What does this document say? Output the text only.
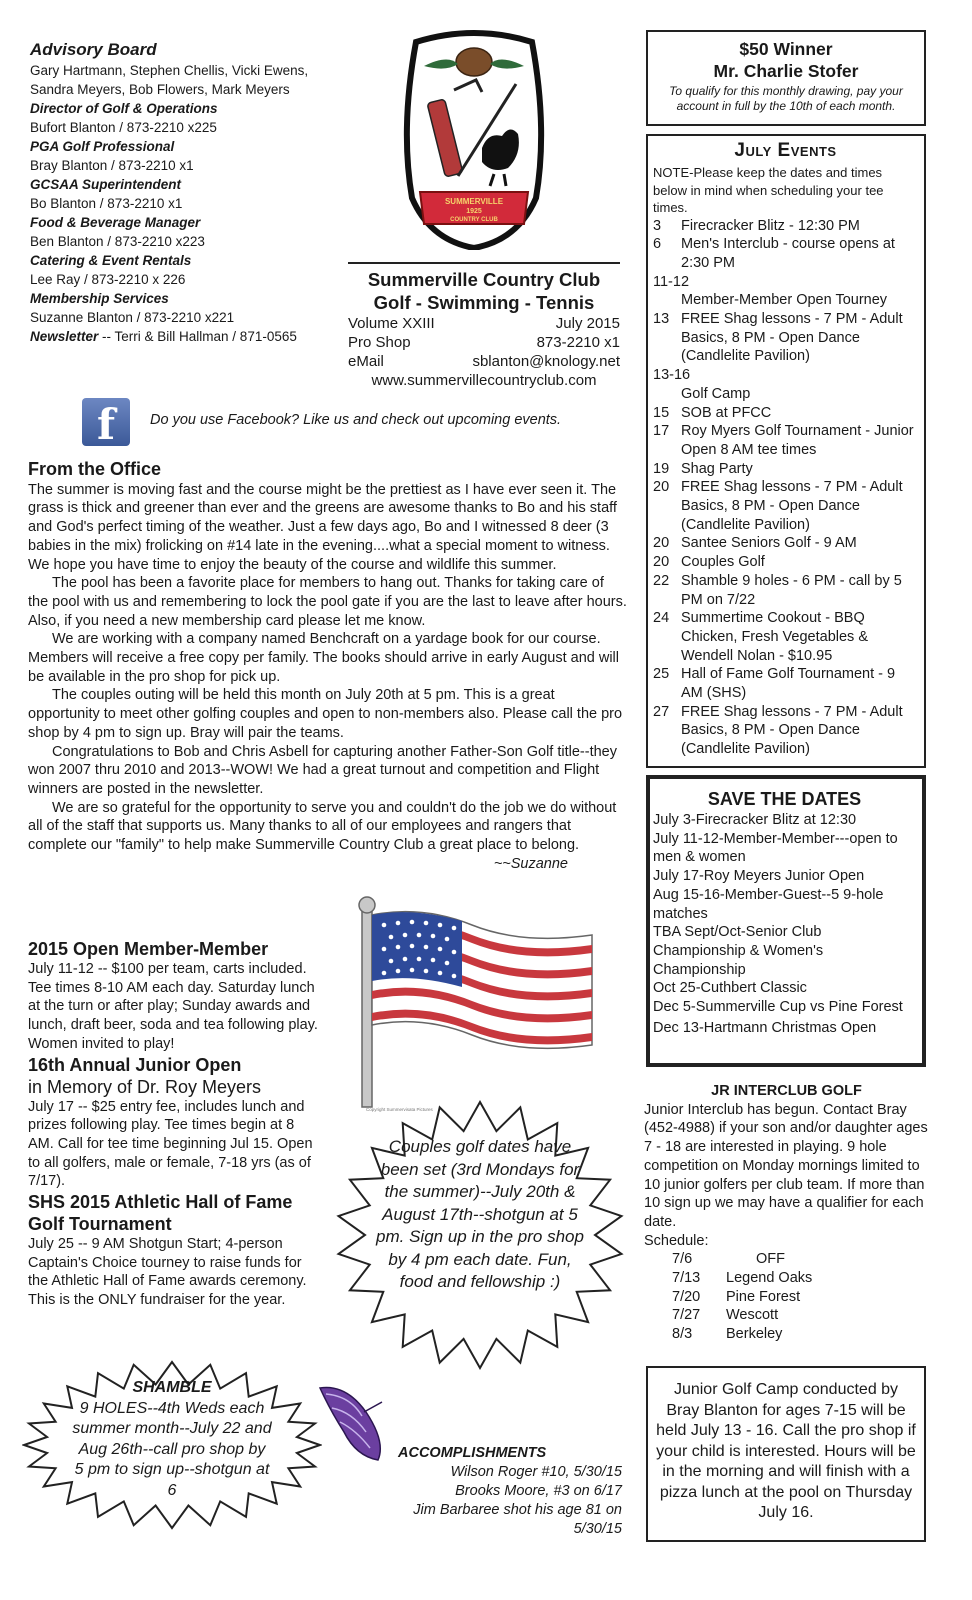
Advisory Board
Gary Hartmann, Stephen Chellis, Vicki Ewens, Sandra Meyers, Bob Flowers, Mark Meyers
Director of Golf & Operations
Bufort Blanton / 873-2210 x225
PGA Golf Professional
Bray Blanton / 873-2210 x1
GCSAA Superintendent
Bo Blanton / 873-2210 x1
Food & Beverage Manager
Ben Blanton / 873-2210 x223
Catering & Event Rentals
Lee Ray / 873-2210 x 226
Membership Services
Suzanne Blanton / 873-2210 x221
Newsletter -- Terri & Bill Hallman / 871-0565
SUMMERVILLE
1925
COUNTRY CLUB
Summerville Country Club
Golf - Swimming - Tennis
Volume XXIII	July 2015
Pro Shop	873-2210 x1
eMail	sblanton@knology.net
www.summervillecountryclub.com
f	Do you use Facebook? Like us and check out upcoming events.
From the Office

The summer is moving fast and the course might be the prettiest as I have ever seen it. The grass is thick and greener than ever and the greens are awesome thanks to Bo and his staff and God's perfect timing of the weather. Just a few days ago, Bo and I witnessed 8 deer (3 babies in the mix) frolicking on #14 late in the evening....what a special moment to witness. We hope you have time to enjoy the beauty of the course and wildlife this summer.

The pool has been a favorite place for members to hang out. Thanks for taking care of the pool with us and remembering to lock the pool gate if you are the last to leave after hours. Also, if you need a new membership card please let me know.

We are working with a company named Benchcraft on a yardage book for our course. Members will receive a free copy per family. The books should arrive in early August and will be available in the pro shop for pick up.

The couples outing will be held this month on July 20th at 5 pm. This is a great opportunity to meet other golfing couples and open to non-members also. Please call the pro shop by 4 pm to sign up. Bray will pair the teams.

Congratulations to Bob and Chris Asbell for capturing another Father-Son Golf title--they won 2007 thru 2010 and 2013--WOW! We had a great turnout and competition and Flight winners are posted in the newsletter.

We are so grateful for the opportunity to serve you and couldn't do the job we do without all of the staff that supports us. Many thanks to all of our employees and rangers that complete our "family" to help make Summerville Country Club a great place to belong.

~~Suzanne

2015 Open Member-Member

July 11-12 -- $100 per team, carts included. Tee times 8-10 AM each day. Saturday lunch at the turn or after play; Sunday awards and lunch, draft beer, soda and tea following play. Women invited to play!

16th Annual Junior Open
in Memory of Dr. Roy Meyers

July 17 -- $25 entry fee, includes lunch and prizes following play. Tee times begin at 8 AM. Call for tee time beginning Jul 15. Open to all golfers, male or female, 7-18 yrs (as of 7/17).

SHS 2015 Athletic Hall of Fame Golf Tournament

July 25 -- 9 AM Shotgun Start; 4-person Captain's Choice tourney to raise funds for the Athletic Hall of Fame awards ceremony. This is the ONLY fundraiser for the year.

Copyright Summervisata Pictures
Couples golf dates have been set (3rd Mondays for the summer)--July 20th & August 17th--shotgun at 5 pm. Sign up in the pro shop by 4 pm each date. Fun, food and fellowship :)
SHAMBLE
9 HOLES--4th Weds each summer month--July 22 and Aug 26th--call pro shop by 5 pm to sign up--shotgun at 6
ACCOMPLISHMENTS
Wilson Roger #10, 5/30/15
Brooks Moore, #3 on 6/17
Jim Barbaree shot his age 81 on 5/30/15
$50 Winner
Mr. Charlie Stofer
To qualify for this monthly drawing, pay your account in full by the 10th of each month.
July Events
NOTE-Please keep the dates and times below in mind when scheduling your tee times.
3	Firecracker Blitz - 12:30 PM
6	Men's Interclub - course opens at 2:30 PM
11-12
Member-Member Open Tourney
13 FREE Shag lessons - 7 PM - Adult Basics, 8 PM - Open Dance (Candlelite Pavilion)
13-16
Golf Camp
15 SOB at PFCC
17 Roy Myers Golf Tournament - Junior Open 8 AM tee times
19 Shag Party
20 FREE Shag lessons - 7 PM - Adult Basics, 8 PM - Open Dance (Candlelite Pavilion)
20 Santee Seniors Golf - 9 AM
20 Couples Golf
22 Shamble 9 holes - 6 PM - call by 5 PM on 7/22
24 Summertime Cookout - BBQ Chicken, Fresh Vegetables & Wendell Nolan - $10.95
25 Hall of Fame Golf Tournament - 9 AM (SHS)
27 FREE Shag lessons - 7 PM - Adult Basics, 8 PM - Open Dance (Candlelite Pavilion)
SAVE THE DATES
July 3-Firecracker Blitz at 12:30
July 11-12-Member-Member---open to men & women
July 17-Roy Meyers Junior Open
Aug 15-16-Member-Guest--5 9-hole matches
TBA Sept/Oct-Senior Club Championship & Women's Championship
Oct 25-Cuthbert Classic
Dec 5-Summerville Cup vs Pine Forest
Dec 13-Hartmann Christmas Open
JR INTERCLUB GOLF
Junior Interclub has begun. Contact Bray (452-4988) if your son and/or daughter ages 7 - 18 are interested in playing. 9 hole competition on Monday mornings limited to 10 junior golfers per club team. If more than 10 sign up we may have a qualifier for each date.
Schedule:
7/6	OFF
7/13	Legend Oaks
7/20	Pine Forest
7/27	Wescott
8/3	Berkeley
Junior Golf Camp conducted by Bray Blanton for ages 7-15 will be held July 13 - 16. Call the pro shop if your child is interested. Hours will be in the morning and will finish with a pizza lunch at the pool on Thursday July 16.
